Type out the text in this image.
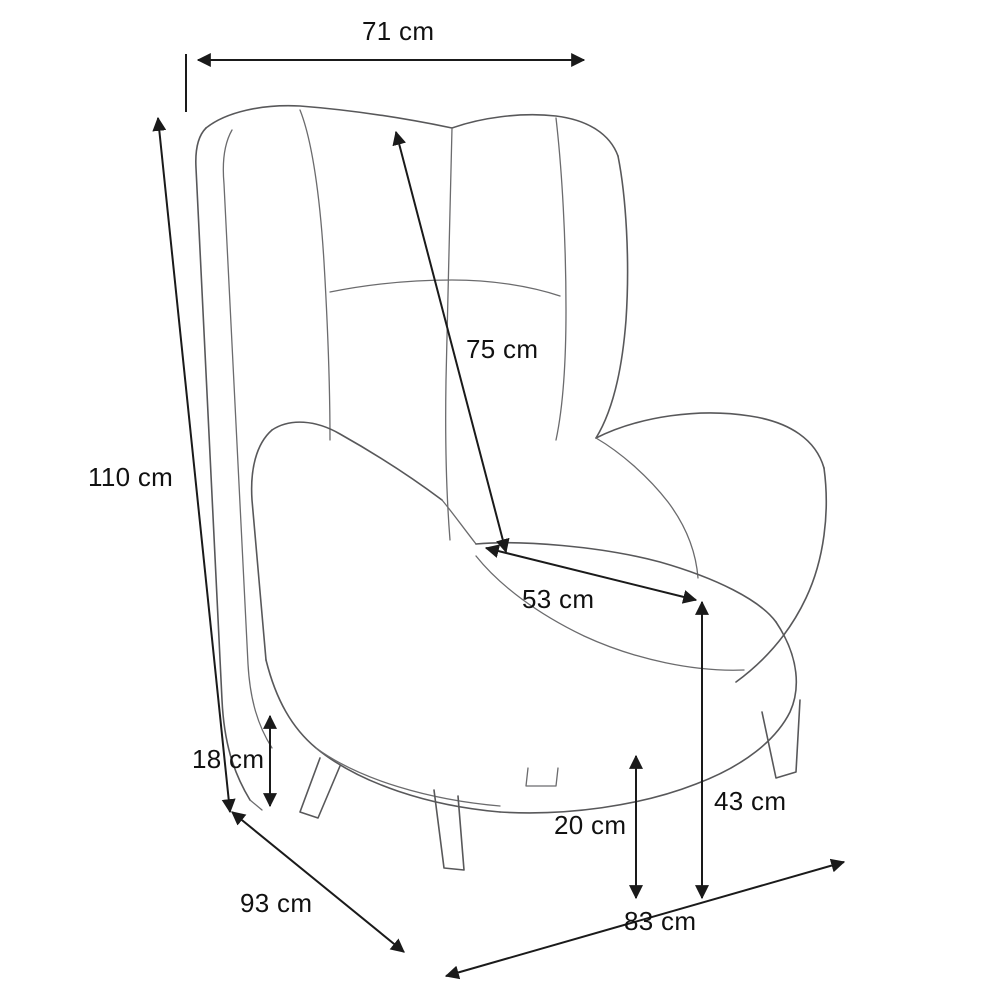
71 cm
110 cm
75 cm
53 cm
18 cm
93 cm
20 cm
43 cm
83 cm
